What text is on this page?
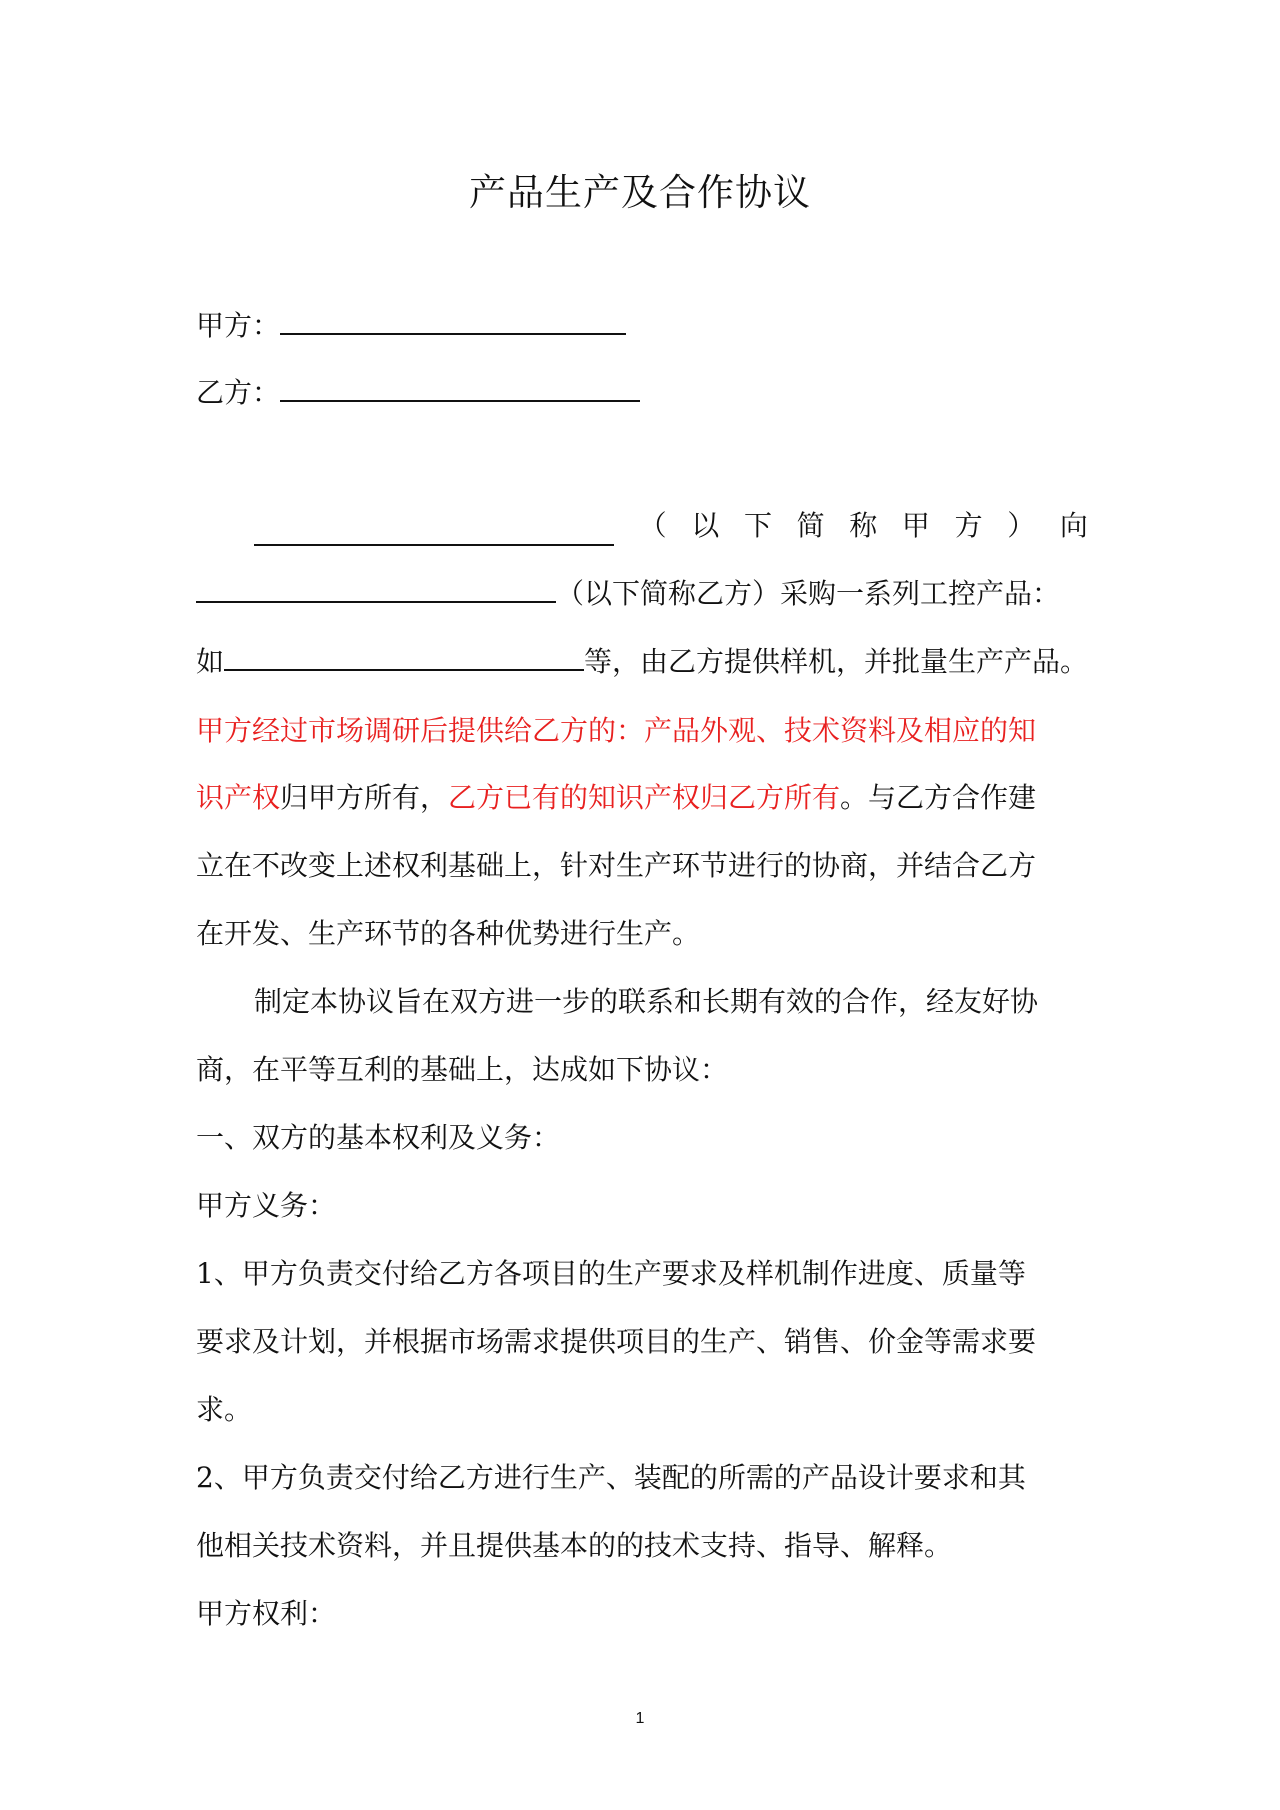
产品生产及合作协议
甲方：
乙方：
（ 以 下 简 称 甲 方 ） 向
（以下简称乙方）采购一系列工控产品：
如	等，由乙方提供样机，并批量生产产品。
甲方经过市场调研后提供给乙方的：产品外观、技术资料及相应的知
识产权归甲方所有，乙方已有的知识产权归乙方所有。与乙方合作建
立在不改变上述权利基础上，针对生产环节进行的协商，并结合乙方
在开发、生产环节的各种优势进行生产。
制定本协议旨在双方进一步的联系和长期有效的合作，经友好协
商，在平等互利的基础上，达成如下协议：
一、双方的基本权利及义务：
甲方义务：
1、甲方负责交付给乙方各项目的生产要求及样机制作进度、质量等
要求及计划，并根据市场需求提供项目的生产、销售、价金等需求要
求。
2、甲方负责交付给乙方进行生产、装配的所需的产品设计要求和其
他相关技术资料，并且提供基本的的技术支持、指导、解释。
甲方权利：
1
